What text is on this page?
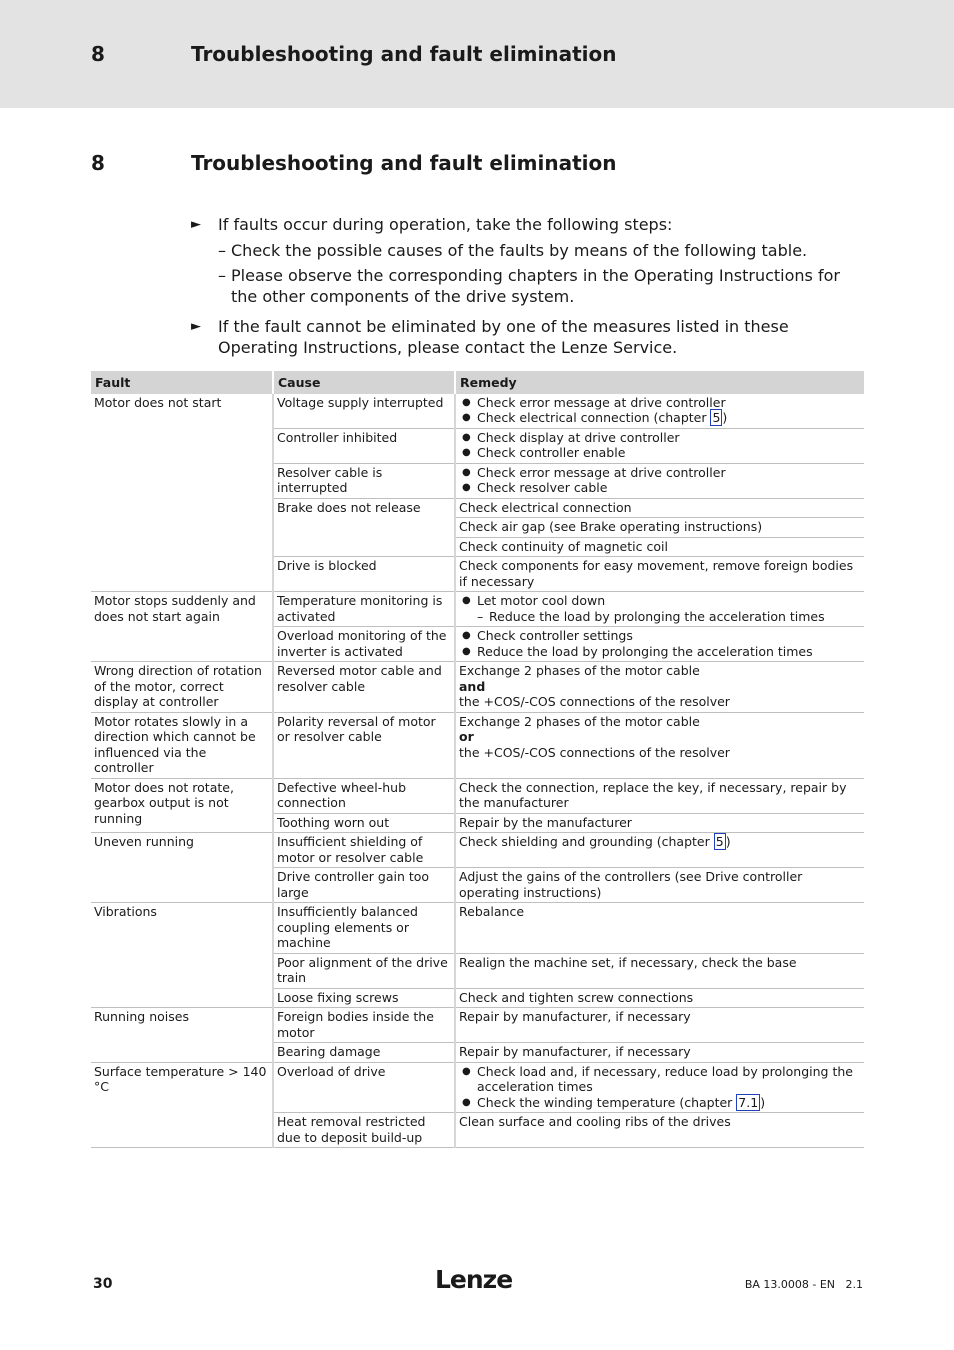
8	Troubleshooting and fault elimination
8	Troubleshooting and fault elimination
► If faults occur during operation, take the following steps:
– Check the possible causes of the faults by means of the following table.
– Please observe the corresponding chapters in the Operating Instructions for the other components of the drive system.
► If the fault cannot be eliminated by one of the measures listed in these Operating Instructions, please contact the Lenze Service.
Fault	Cause	Remedy
Motor does not start	Voltage supply interrupted	● Check error message at drive controller
● Check electrical connection (chapter 5 )

	Controller inhibited	● Check display at drive controller
● Check controller enable

	Resolver cable is interrupted	● Check error message at drive controller
● Check resolver cable

	Brake does not release	Check electrical connection
		Check air gap (see Brake operating instructions)
		Check continuity of magnetic coil
	Drive is blocked	Check components for easy movement, remove foreign bodies if necessary

Motor stops suddenly and does not start again	Temperature monitoring is activated	● Let motor cool down
– Reduce the load by prolonging the acceleration times

	Overload monitoring of the inverter is activated	● Check controller settings
● Reduce the load by prolonging the acceleration times

Wrong direction of rotation of the motor, correct display at controller	Reversed motor cable and resolver cable	Exchange 2 phases of the motor cable
and
the +COS/-COS connections of the resolver

Motor rotates slowly in a direction which cannot be influenced via the controller	Polarity reversal of motor or resolver cable	Exchange 2 phases of the motor cable
or
the +COS/-COS connections of the resolver

Motor does not rotate, gearbox output is not running	Defective wheel-hub connection	Check the connection, replace the key, if necessary, repair by the manufacturer

	Toothing worn out	Repair by the manufacturer

Uneven running	Insufficient shielding of motor or resolver cable	Check shielding and grounding (chapter 5 )

	Drive controller gain too large	Adjust the gains of the controllers (see Drive controller operating instructions)

Vibrations	Insufficiently balanced coupling elements or machine	Rebalance

	Poor alignment of the drive train	Realign the machine set, if necessary, check the base

	Loose fixing screws	Check and tighten screw connections

Running noises	Foreign bodies inside the motor	Repair by manufacturer, if necessary

	Bearing damage	Repair by manufacturer, if necessary

Surface temperature > 140 °C	Overload of drive	● Check load and, if necessary, reduce load by prolonging the acceleration times
● Check the winding temperature (chapter 7.1 )

	Heat removal restricted due to deposit build-up	Clean surface and cooling ribs of the drives
30	Lenze	BA 13.0008 - EN   2.1
